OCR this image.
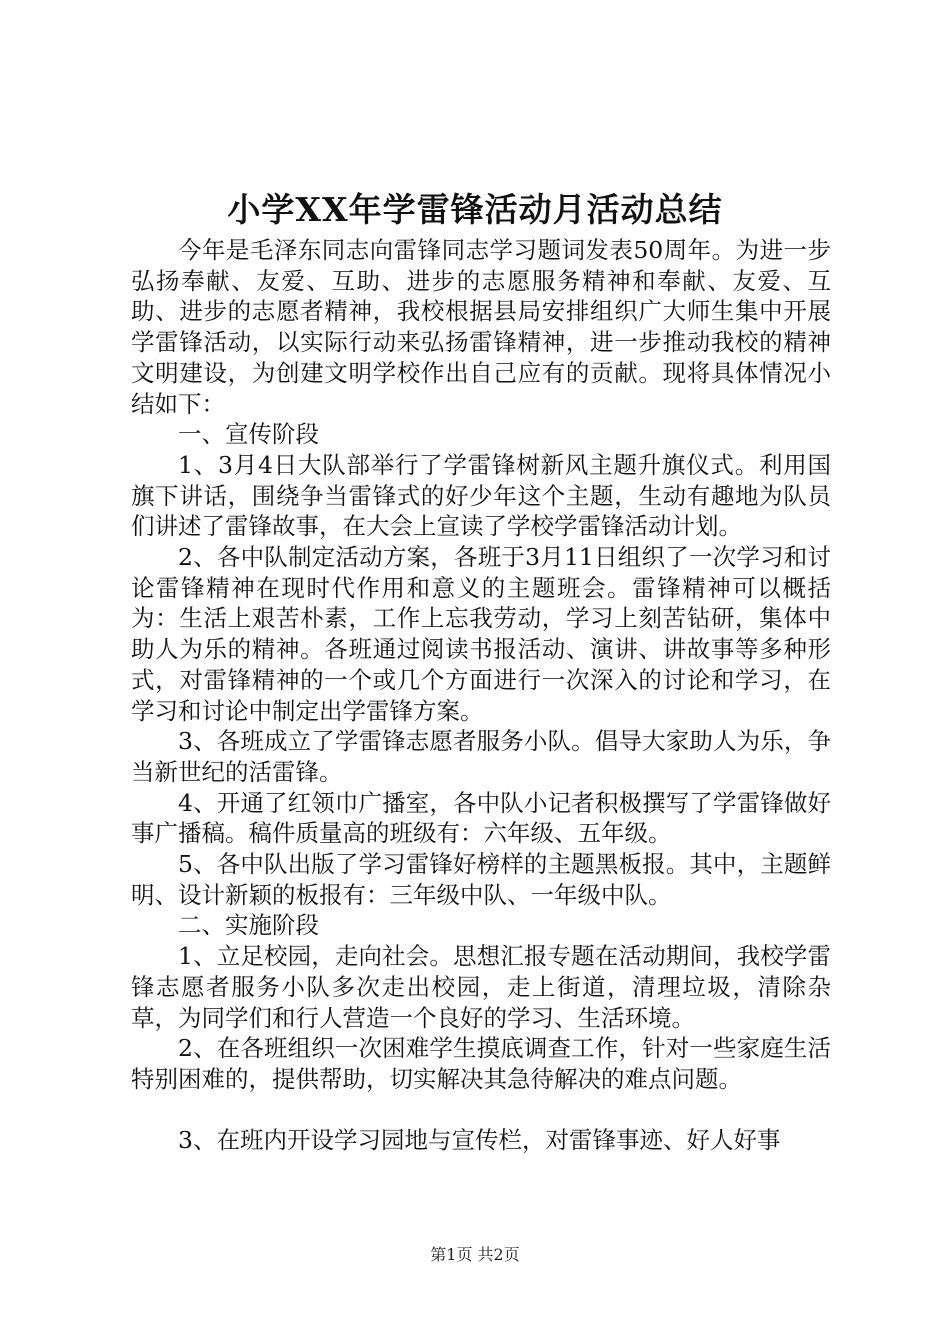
小学XX年学雷锋活动月活动总结

今年是毛泽东同志向雷锋同志学习题词发表50周年。为进一步弘扬奉献、友爱、互助、进步的志愿服务精神和奉献、友爱、互助、进步的志愿者精神，我校根据县局安排组织广大师生集中开展学雷锋活动，以实际行动来弘扬雷锋精神，进一步推动我校的精神文明建设，为创建文明学校作出自己应有的贡献。现将具体情况小结如下：

一、宣传阶段

1、3月4日大队部举行了学雷锋树新风主题升旗仪式。利用国旗下讲话，围绕争当雷锋式的好少年这个主题，生动有趣地为队员们讲述了雷锋故事，在大会上宣读了学校学雷锋活动计划。

2、各中队制定活动方案，各班于3月11日组织了一次学习和讨论雷锋精神在现时代作用和意义的主题班会。雷锋精神可以概括为：生活上艰苦朴素，工作上忘我劳动，学习上刻苦钻研，集体中助人为乐的精神。各班通过阅读书报活动、演讲、讲故事等多种形式，对雷锋精神的一个或几个方面进行一次深入的讨论和学习，在学习和讨论中制定出学雷锋方案。

3、各班成立了学雷锋志愿者服务小队。倡导大家助人为乐，争当新世纪的活雷锋。

4、开通了红领巾广播室，各中队小记者积极撰写了学雷锋做好事广播稿。稿件质量高的班级有：六年级、五年级。

5、各中队出版了学习雷锋好榜样的主题黑板报。其中，主题鲜明、设计新颖的板报有：三年级中队、一年级中队。

二、实施阶段

1、立足校园，走向社会。思想汇报专题在活动期间，我校学雷锋志愿者服务小队多次走出校园，走上街道，清理垃圾，清除杂草，为同学们和行人营造一个良好的学习、生活环境。

2、在各班组织一次困难学生摸底调查工作，针对一些家庭生活特别困难的，提供帮助，切实解决其急待解决的难点问题。

3、在班内开设学习园地与宣传栏，对雷锋事迹、好人好事

第1页 共2页
